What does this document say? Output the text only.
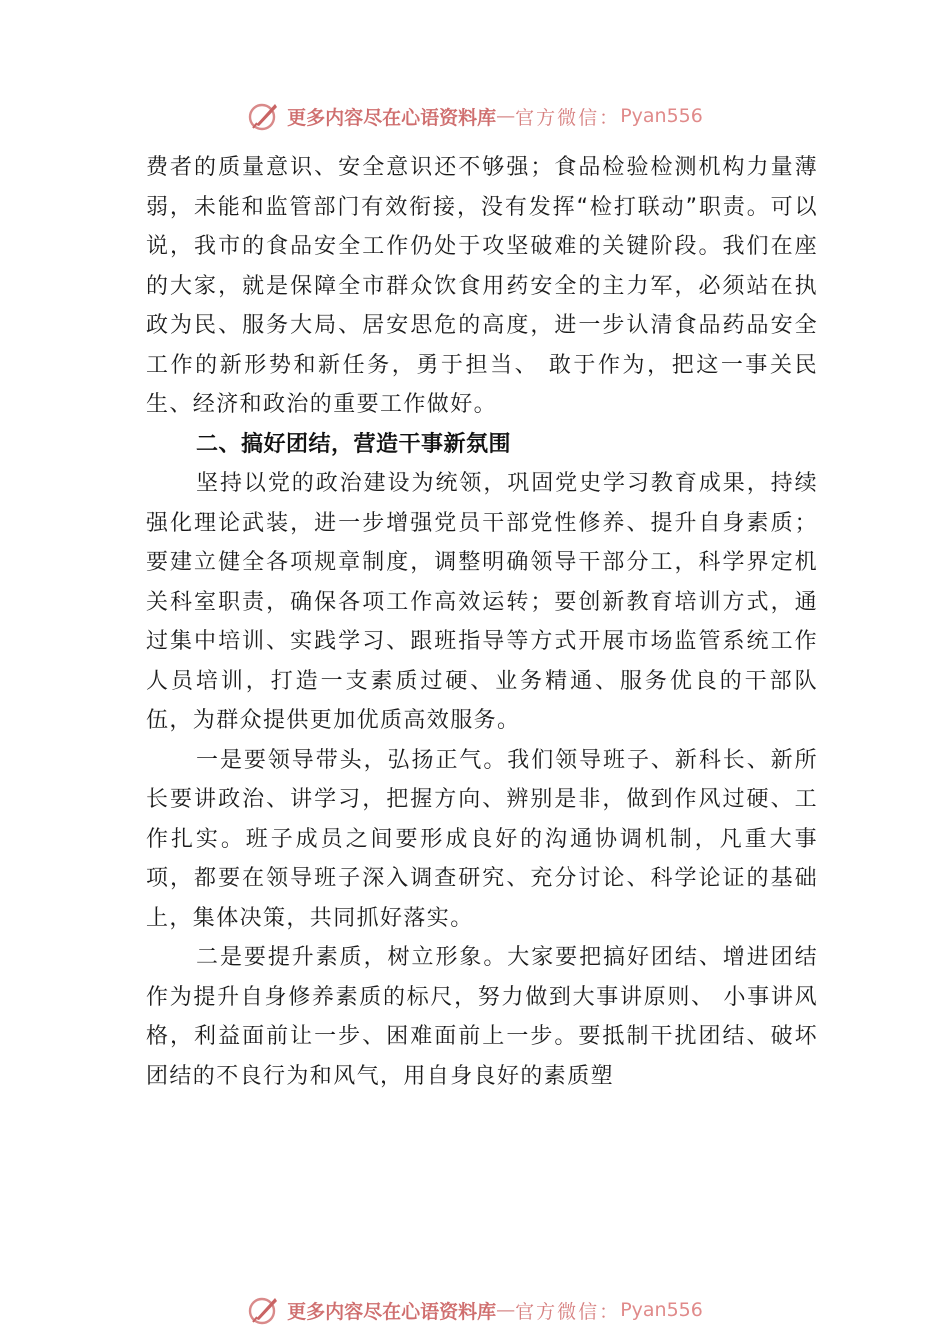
更多内容尽在心语资料库 — 官方微信： Pyan556

费者的质量意识、安全意识还不够强；食品检验检测机构力量薄弱，未能和监管部门有效衔接，没有发挥“检打联动”职责。可以说，我市的食品安全工作仍处于攻坚破难的关键阶段。我们在座的大家，就是保障全市群众饮食用药安全的主力军，必须站在执政为民、服务大局、居安思危的高度，进一步认清食品药品安全工作的新形势和新任务，勇于担当、 敢于作为，把这一事关民生、经济和政治的重要工作做好。

二、搞好团结，营造干事新氛围

坚持以党的政治建设为统领，巩固党史学习教育成果，持续强化理论武装，进一步增强党员干部党性修养、提升自身素质；要建立健全各项规章制度，调整明确领导干部分工，科学界定机关科室职责，确保各项工作高效运转；要创新教育培训方式，通过集中培训、实践学习、跟班指导等方式开展市场监管系统工作人员培训，打造一支素质过硬、业务精通、服务优良的干部队伍，为群众提供更加优质高效服务。

一是要领导带头，弘扬正气。我们领导班子、新科长、新所长要讲政治、讲学习，把握方向、辨别是非，做到作风过硬、工作扎实。班子成员之间要形成良好的沟通协调机制，凡重大事项，都要在领导班子深入调查研究、充分讨论、科学论证的基础上，集体决策，共同抓好落实。

二是要提升素质，树立形象。大家要把搞好团结、增进团结作为提升自身修养素质的标尺，努力做到大事讲原则、 小事讲风格，利益面前让一步、困难面前上一步。要抵制干扰团结、破坏团结的不良行为和风气，用自身良好的素质塑

更多内容尽在心语资料库 — 官方微信： Pyan556
